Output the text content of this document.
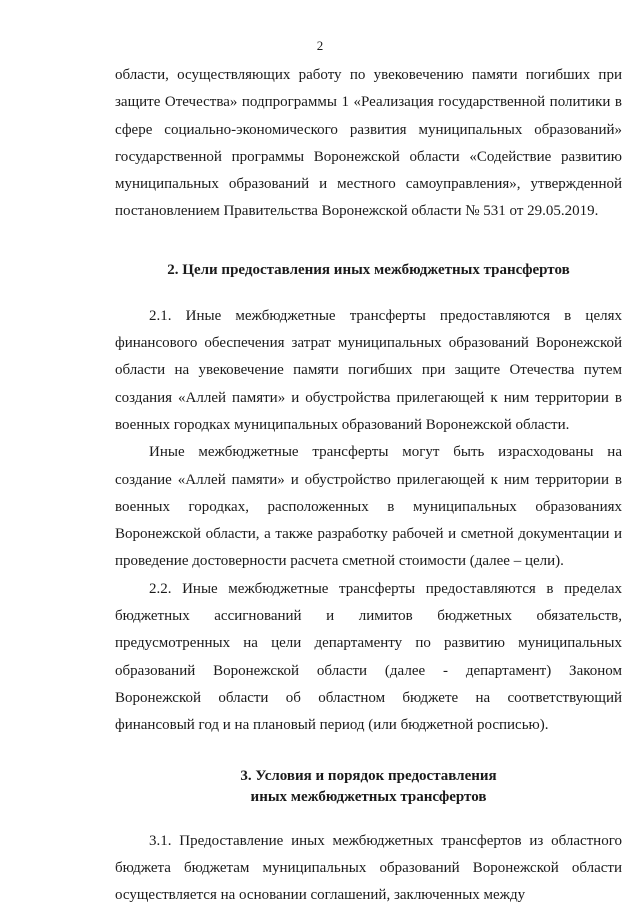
2

области, осуществляющих работу по увековечению памяти погибших при защите Отечества» подпрограммы 1 «Реализация государственной политики в сфере социально-экономического развития муниципальных образований» государственной программы Воронежской области «Содействие развитию муниципальных образований и местного самоуправления», утвержденной постановлением Правительства Воронежской области № 531 от 29.05.2019.

2. Цели предоставления иных межбюджетных трансфертов

2.1. Иные межбюджетные трансферты предоставляются в целях финансового обеспечения затрат муниципальных образований Воронежской области на увековечение памяти погибших при защите Отечества путем создания «Аллей памяти» и обустройства прилегающей к ним территории в военных городках муниципальных образований Воронежской области.

Иные межбюджетные трансферты могут быть израсходованы на создание «Аллей памяти» и обустройство прилегающей к ним территории в военных городках, расположенных в муниципальных образованиях Воронежской области, а также разработку рабочей и сметной документации и проведение достоверности расчета сметной стоимости (далее – цели).

2.2. Иные межбюджетные трансферты предоставляются в пределах бюджетных ассигнований и лимитов бюджетных обязательств, предусмотренных на цели департаменту по развитию муниципальных образований Воронежской области (далее - департамент) Законом Воронежской области об областном бюджете на соответствующий финансовый год и на плановый период (или бюджетной росписью).

3. Условия и порядок предоставления
иных межбюджетных трансфертов

3.1. Предоставление иных межбюджетных трансфертов из областного бюджета бюджетам муниципальных образований Воронежской области осуществляется на основании соглашений, заключенных между
